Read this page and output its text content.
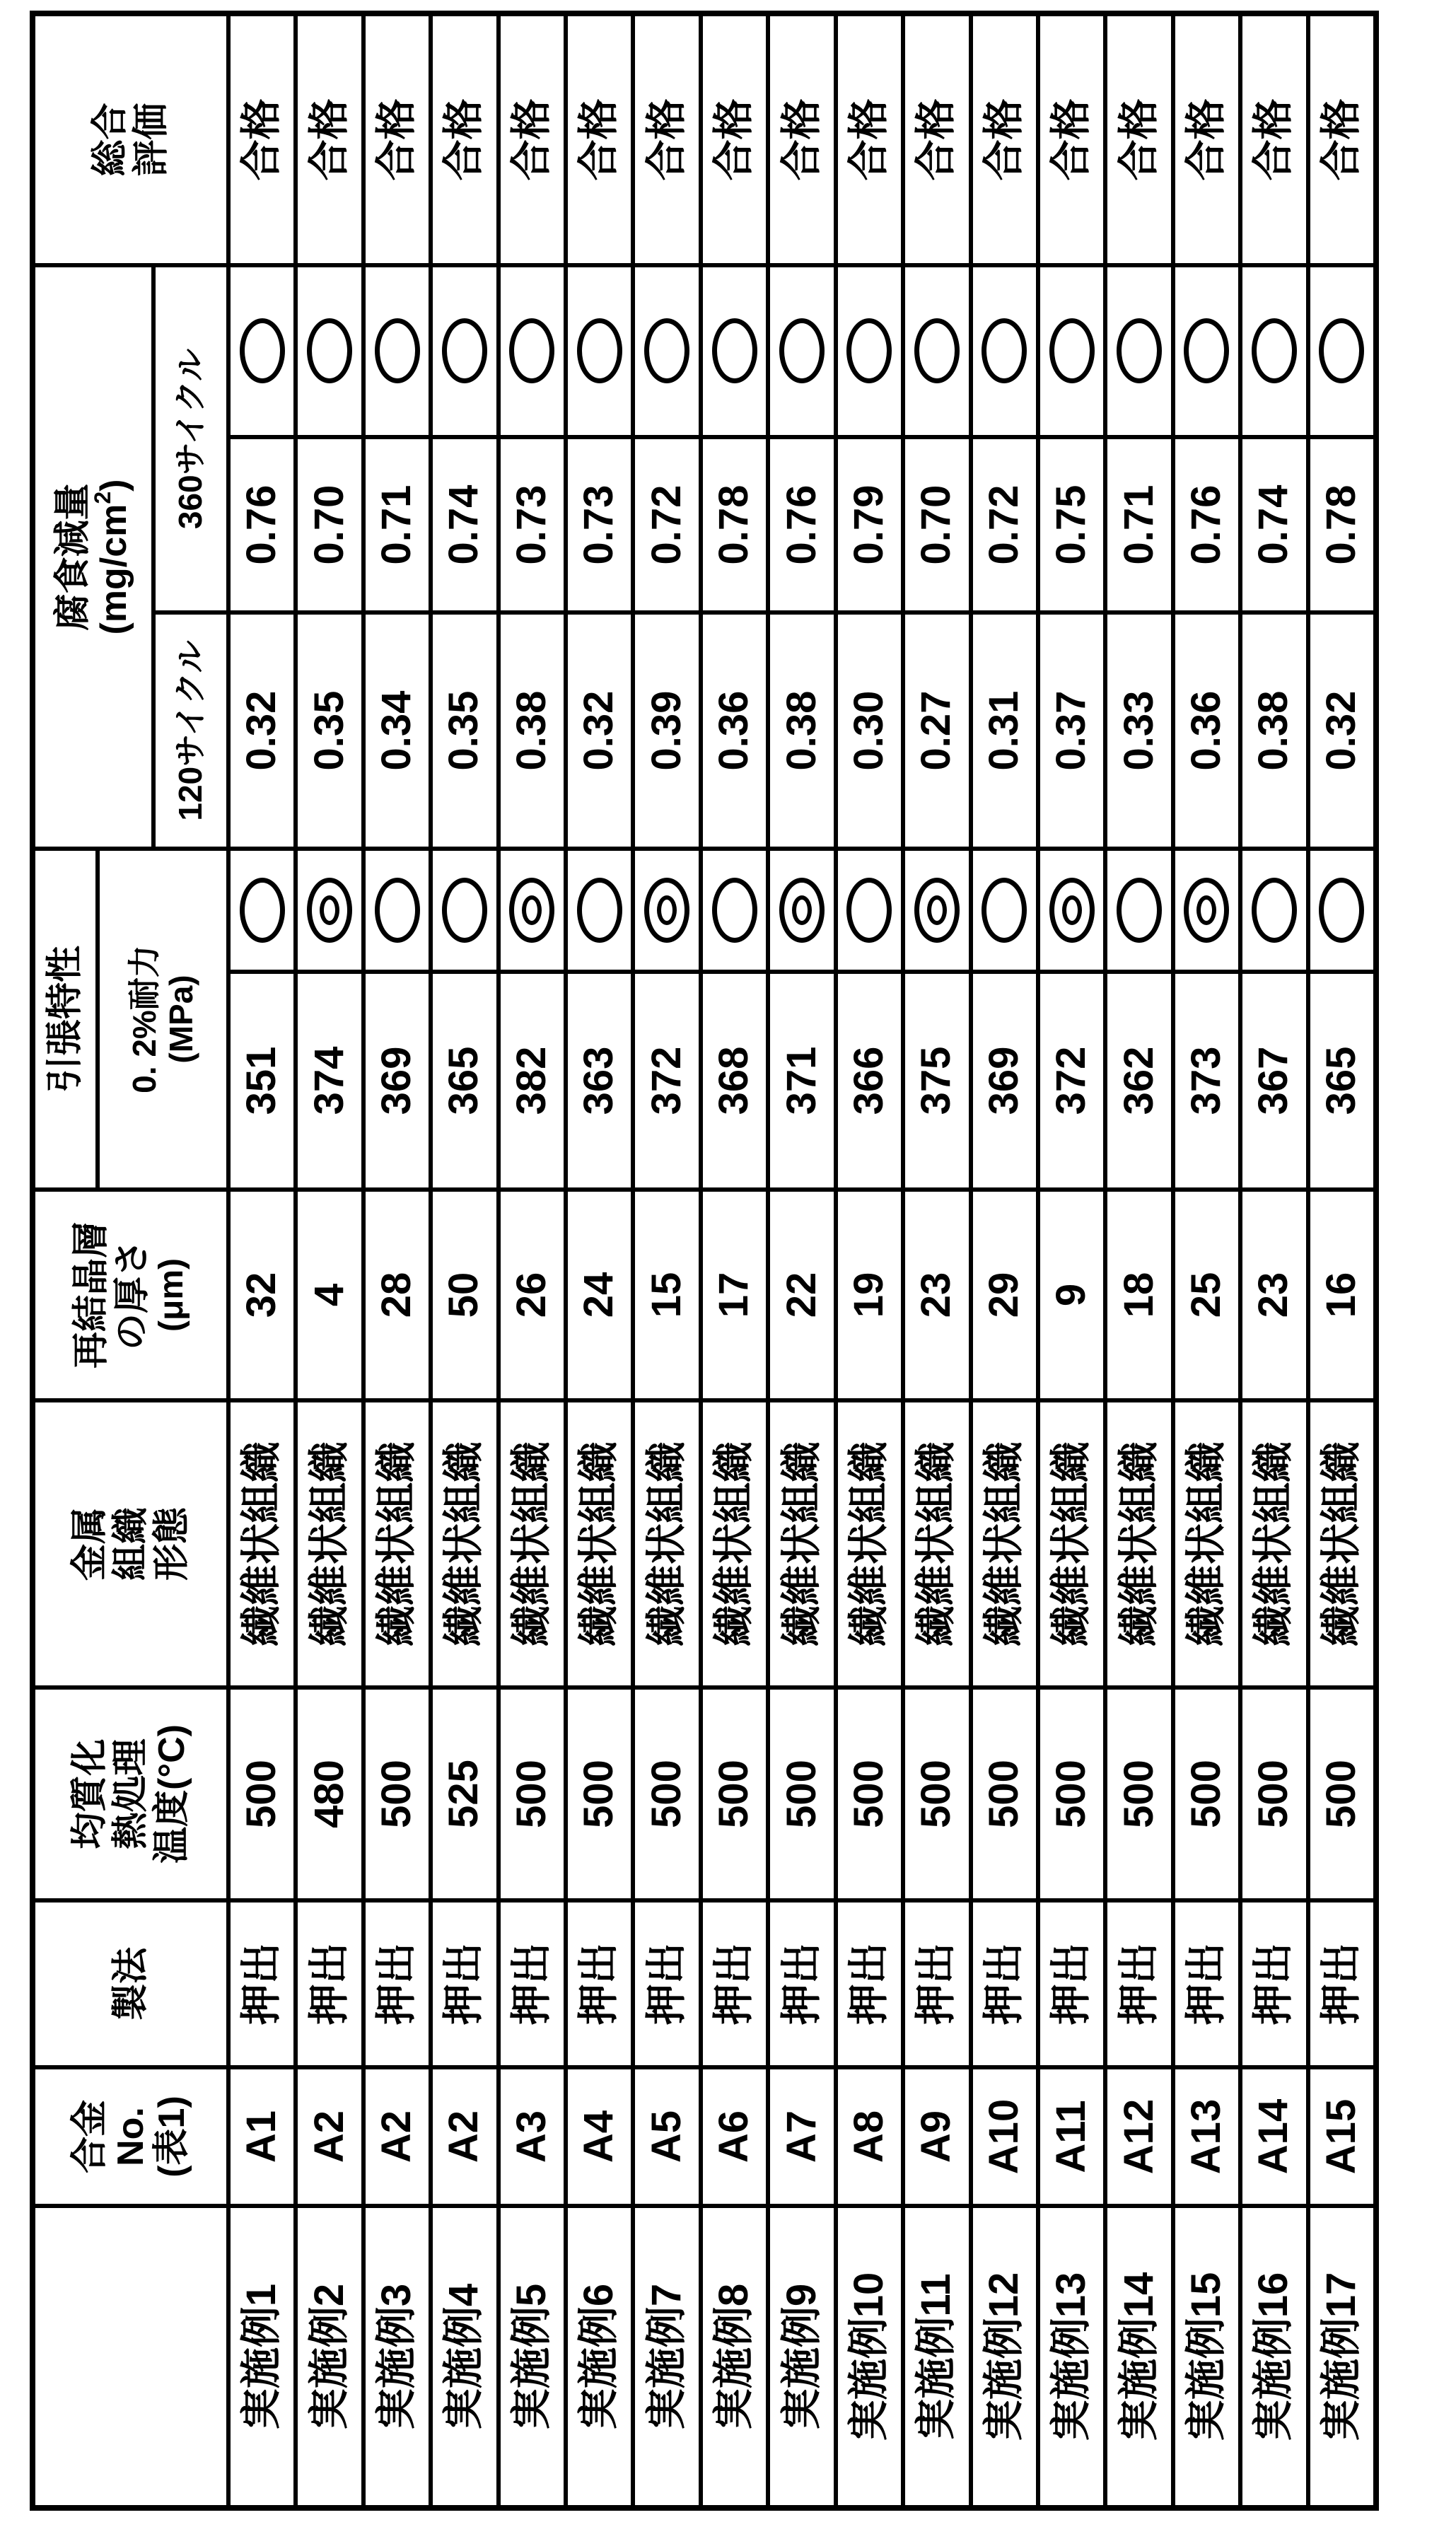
合金 No. (表1)
製法
均質化 熱処理 温度(°C)
金属 組織 形態
再結晶層 の厚さ (μm)
引張特性 0. 2%耐力 (MPa)
腐食減量 $(mg/cm^2)$
120サイクル
360サイクル
総合 評価
実施例1
A1
押出
500
繊維状組織
32
351
0.32
0.76
合格
実施例2
A2
押出
480
繊維状組織
4
374
0.35
0.70
合格
実施例3
A2
押出
500
繊維状組織
28
369
0.34
0.71
合格
実施例4
A2
押出
525
繊維状組織
50
365
0.35
0.74
合格
実施例5
A3
押出
500
繊維状組織
26
382
0.38
0.73
合格
実施例6
A4
押出
500
繊維状組織
24
363
0.32
0.73
合格
実施例7
A5
押出
500
繊維状組織
15
372
0.39
0.72
合格
実施例8
A6
押出
500
繊維状組織
17
368
0.36
0.78
合格
実施例9
A7
押出
500
繊維状組織
22
371
0.38
0.76
合格
実施例10
A8
押出
500
繊維状組織
19
366
0.30
0.79
合格
実施例11
A9
押出
500
繊維状組織
23
375
0.27
0.70
合格
実施例12
A10
押出
500
繊維状組織
29
369
0.31
0.72
合格
実施例13
A11
押出
500
繊維状組織
9
372
0.37
0.75
合格
実施例14
A12
押出
500
繊維状組織
18
362
0.33
0.71
合格
実施例15
A13
押出
500
繊維状組織
25
373
0.36
0.76
合格
実施例16
A14
押出
500
繊維状組織
23
367
0.38
0.74
合格
実施例17
A15
押出
500
繊維状組織
16
365
0.32
0.78
合格
